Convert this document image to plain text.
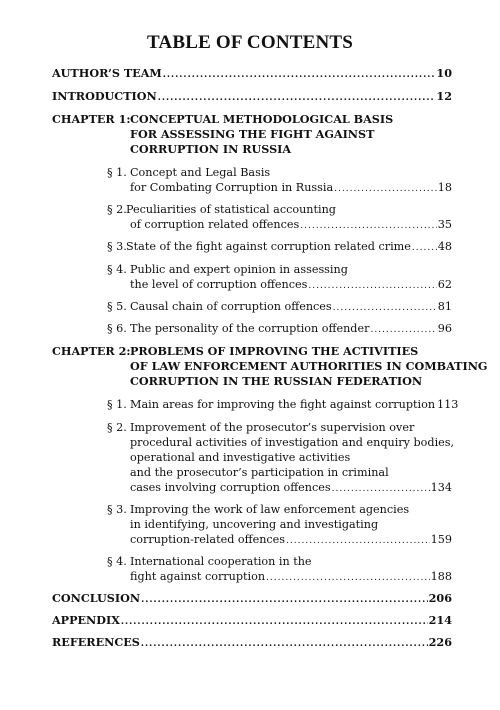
TABLE OF CONTENTS
AUTHOR’S TEAM .....	10
INTRODUCTION .....	12
CHAPTER 1: CONCEPTUAL METHODOLOGICAL BASIS
FOR ASSESSING THE FIGHT AGAINST
CORRUPTION IN RUSSIA
§ 1. Concept and Legal Basis
for Combating Corruption in Russia .....	18
§ 2. Peculiarities of statistical accounting
of corruption related offences .....	35
§ 3. State of the fight against corruption related crime ..... 48
§ 4. Public and expert opinion in assessing
the level of corruption offences .....	62
§ 5. Causal chain of corruption offences .....	81
§ 6. The personality of the corruption offender .....	96
CHAPTER 2: PROBLEMS OF IMPROVING THE ACTIVITIES
OF LAW ENFORCEMENT AUTHORITIES IN COMBATING
CORRUPTION IN THE RUSSIAN FEDERATION
§ 1. Main areas for improving the fight against corruption 113
§ 2. Improvement of the prosecutor’s supervision over
procedural activities of investigation and enquiry bodies,
operational and investigative activities
and the prosecutor’s participation in criminal
cases involving corruption offences .....	134
§ 3. Improving the work of law enforcement agencies
in identifying, uncovering and investigating
corruption-related offences .....	159
§ 4. International cooperation in the
fight against corruption .....	188
CONCLUSION .....	206
APPENDIX .....	214
REFERENCES .....	226
